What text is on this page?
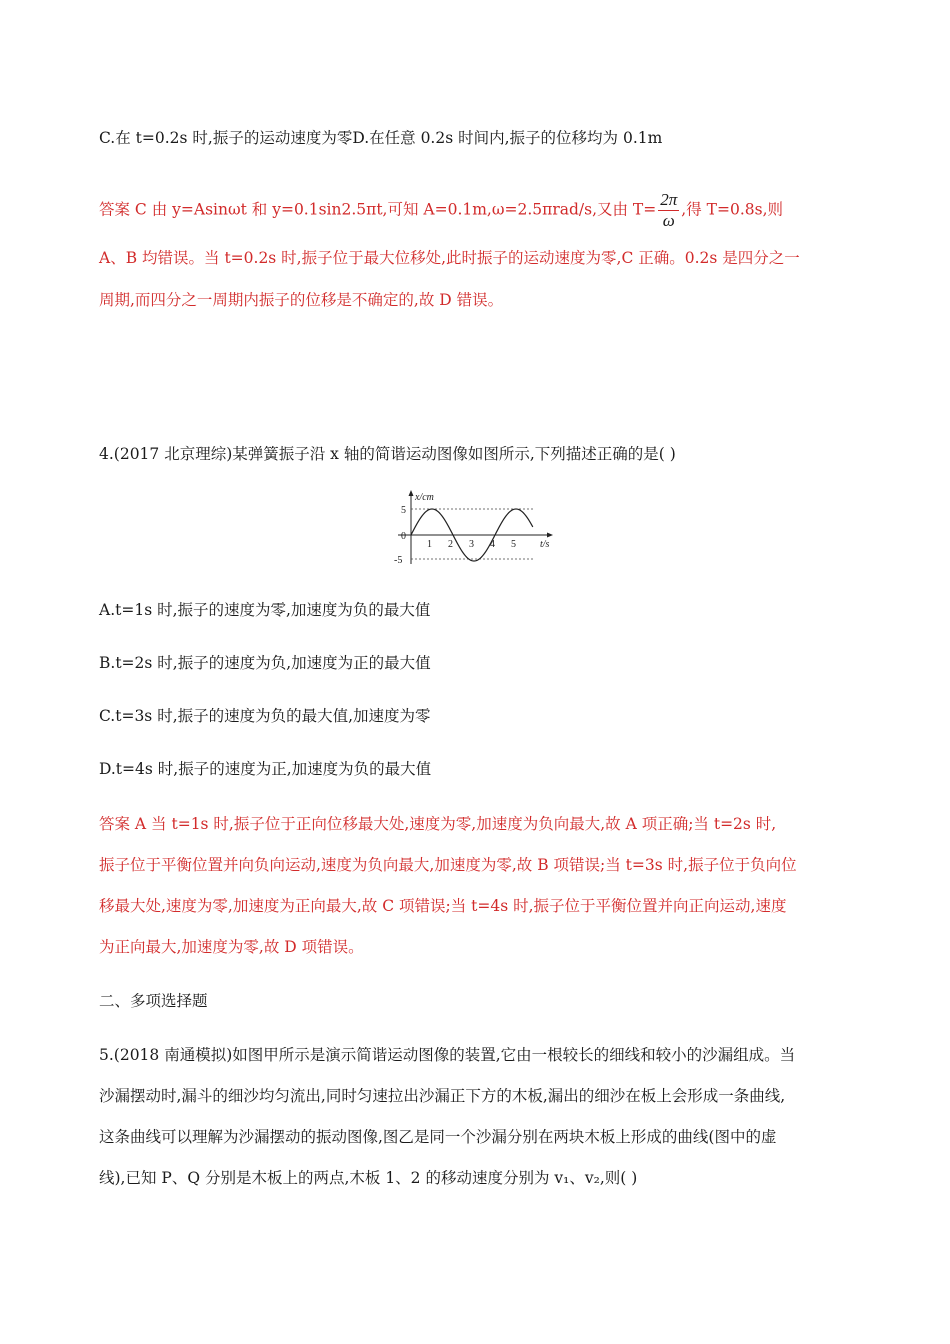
C.在 t=0.2s 时,振子的运动速度为零D.在任意 0.2s 时间内,振子的位移均为 0.1m
答案 C 由 y=Asinωt 和 y=0.1sin2.5πt,可知 A=0.1m,ω=2.5πrad/s,又由 $T= \frac{2\pi}{\omega}$ ,得 T=0.8s,则
A、B 均错误。当 t=0.2s 时,振子位于最大位移处,此时振子的运动速度为零,C 正确。0.2s 是四分之一
周期,而四分之一周期内振子的位移是不确定的,故 D 错误。
4.(2017 北京理综)某弹簧振子沿 x 轴的简谐运动图像如图所示,下列描述正确的是( )
x/cm
5
0
-5
1 2 3 4 5 t/s
A.t=1s 时,振子的速度为零,加速度为负的最大值
B.t=2s 时,振子的速度为负,加速度为正的最大值
C.t=3s 时,振子的速度为负的最大值,加速度为零
D.t=4s 时,振子的速度为正,加速度为负的最大值
答案 A 当 t=1s 时,振子位于正向位移最大处,速度为零,加速度为负向最大,故 A 项正确;当 t=2s 时,
振子位于平衡位置并向负向运动,速度为负向最大,加速度为零,故 B 项错误;当 t=3s 时,振子位于负向位
移最大处,速度为零,加速度为正向最大,故 C 项错误;当 t=4s 时,振子位于平衡位置并向正向运动,速度
为正向最大,加速度为零,故 D 项错误。
二、多项选择题
5.(2018 南通模拟)如图甲所示是演示简谐运动图像的装置,它由一根较长的细线和较小的沙漏组成。当
沙漏摆动时,漏斗的细沙均匀流出,同时匀速拉出沙漏正下方的木板,漏出的细沙在板上会形成一条曲线,
这条曲线可以理解为沙漏摆动的振动图像,图乙是同一个沙漏分别在两块木板上形成的曲线(图中的虚
线),已知 P、Q 分别是木板上的两点,木板 1、2 的移动速度分别为 v₁、v₂,则( )
